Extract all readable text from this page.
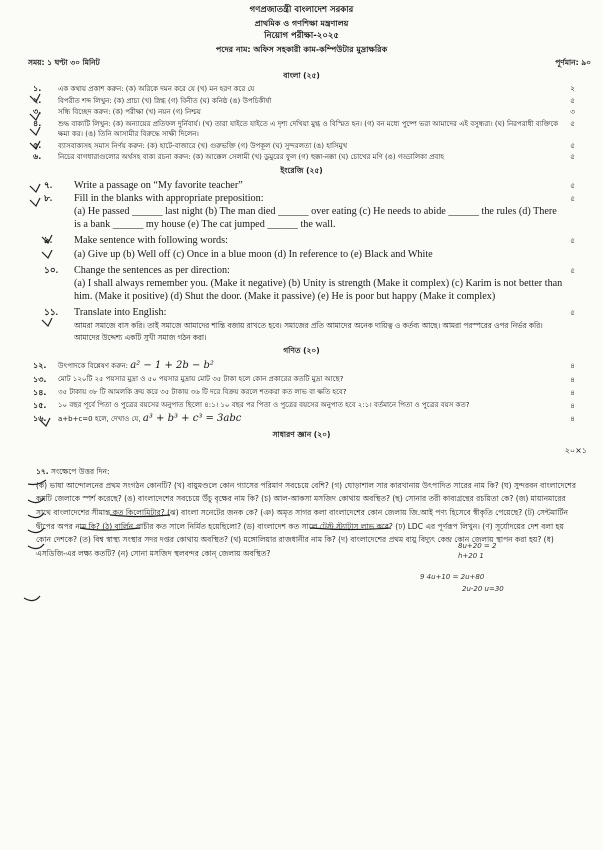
গণপ্রজাতন্ত্রী বাংলাদেশ সরকার
প্রাথমিক ও গণশিক্ষা মন্ত্রণালয়
নিয়োগ পরীক্ষা-২০২৫
পদের নাম: অফিস সহকারী কাম-কম্পিউটার মুদ্রাক্ষরিক
সময়: ১ ঘণ্টা ৩০ মিনিট	পূর্ণমান: ৯০
বাংলা (২৫)
১. এক কথায় প্রকাশ করুন: (ক) অরিকে দমন করে যে (খ) মন হরণ করে যে	২
২. বিপরীত শব্দ লিখুন: (ক) প্রাচ্য (খ) স্নিগ্ধ (গ) বিনীত (ঘ) কনিষ্ঠ (ঙ) উপচিকীর্ষা	৫
৩. সন্ধি বিচ্ছেদ করুন: (ক) পরীক্ষা (খ) নয়ন (গ) নিশ্চয়	৩
৪. শুদ্ধ বাক্যটি লিখুন: (ক) অন্যায়ের প্রতিফল দুর্নিবার্য। (খ) তারা যাইতে যাইতে এ দৃশ্য দেখিয়া মুগ্ধ ও বিস্মিত হন। (গ) বন মধ্যে পুষ্পে ভরা আমাদের এই বসুন্ধরা। (ঘ) নিরপরাধী ব্যক্তিকে ক্ষমা কর। (ঙ) তিনি আসামীর বিরুদ্ধে সাক্ষী দিলেন।
৫
৫. ব্যাসবাক্যসহ সমাস নির্ণয় করুন: (ক) হাটে-বাজারে (খ) গুরুভক্তি (গ) উপকূল (ঘ) সুন্দরলতা (ঙ) হাসিমুখ	৫
৬. নিচের বাগধারাগুলোর অর্থসহ বাক্য রচনা করুন: (ক) আক্কেল সেলামী (খ) ডুমুরের ফুল (গ) হুক্কা-নক্কা (ঘ) চোখের মণি (ঙ) গড্ডালিকা প্রবাহ	৫
ইংরেজি (২৫)
৭. Write a passage on “My favorite teacher”	৫
৮. Fill in the blanks with appropriate preposition:
(a) He passed ______ last night (b) The man died ______ over eating (c) He needs to abide ______ the rules (d) There is a bank ______ my house (e) The cat jumped ______ the wall.
৫
৯. Make sentence with following words:
(a) Give up (b) Well off (c) Once in a blue moon (d) In reference to (e) Black and White
৫
১০. Change the sentences as per direction:
(a) I shall always remember you. (Make it negative) (b) Unity is strength (Make it complex) (c) Karim is not better than him. (Make it positive) (d) Shut the door. (Make it passive) (e) He is poor but happy (Make it complex)
৫
১১. Translate into English:	৫
আমরা সমাজে বাস করি। তাই সমাজে আমাদের শান্তি বজায় রাখতে হবে। সমাজের প্রতি আমাদের অনেক দায়িত্ব ও কর্তব্য আছে। আমরা পরস্পরের ওপর নির্ভর করি। আমাদের উদ্দেশ্য একটি সুখী সমাজ গঠন করা।
গণিত (২০)
১২. উৎপাদকে বিশ্লেষণ করুন: a² − 1 + 2b − b²	৪
১৩. মোট ১২০টি ২৫ পয়সার মুদ্রা ও ৫০ পয়সার মুদ্রায় মোট ৩৫ টাকা হলে কোন প্রকারের কতটি মুদ্রা আছে?	৪
১৪. ৩৫ টাকায় ৩৮ টি আমলকি ক্রয় করে ৩৫ টাকায় ৩৬ টি দরে বিক্রয় করলে শতকরা কত লাভ বা ক্ষতি হবে?	৪
১৫. ১০ বছর পূর্বে পিতা ও পুত্রের বয়সের অনুপাত ছিলো ৪:১। ১০ বছর পর পিতা ও পুত্রের বয়সের অনুপাত হবে ২:১। বর্তমানে পিতা ও পুত্রের বয়স কত?	৪
১৬. a+b+c=0 হলে, দেখাও যে, a³ + b³ + c³ = 3abc	৪
সাধারণ জ্ঞান (২০)

২০×১
১৭. সংক্ষেপে উত্তর দিন:
(ক) ভাষা আন্দোলনের প্রথম সংগঠন কোনটি? (খ) বায়ুমণ্ডলে কোন গ্যাসের পরিমাণ সবচেয়ে বেশি? (গ) ঘোড়াশাল সার কারখানায় উৎপাদিত সারের নাম কি? (ঘ) সুন্দরবন বাংলাদেশের কয়টি জেলাকে স্পর্শ করেছে? (ঙ) বাংলাদেশের সবচেয়ে উঁচু বৃক্ষের নাম কি? (চ) আল-আকসা মসজিদ কোথায় অবস্থিত? (ছ) সোনার তরী কাব্যগ্রন্থের রচয়িতা কে? (জ) মায়ানমারের সাথে বাংলাদেশের সীমান্ত কত কিলোমিটার? (ঝ) বাংলা সনেটের জনক কে? (ঞ) অমৃত সাগর কলা বাংলাদেশের কোন জেলায় জি.আই পণ্য হিসেবে স্বীকৃতি পেয়েছে? (ট) সেন্টমার্টিন দ্বীপের অপর নাম কি? (ঠ) বার্লিন প্রাচীর কত সালে নির্মিত হয়েছিলো? (ড) বাংলাদেশ কত সালে টেস্ট স্ট্যাটাস লাভ করে? (ঢ) LDC এর পূর্ণরূপ লিখুন। (ণ) সূর্যোদয়ের দেশ বলা হয় কোন দেশকে? (ত) বিশ্ব স্বাস্থ্য সংস্থার সদর দপ্তর কোথায় অবস্থিত? (থ) মঙ্গোলিয়ার রাজধানীর নাম কি? (দ) বাংলাদেশের প্রথম বায়ু বিদ্যুৎ কেন্দ্র কোন জেলায় স্থাপন করা হয়? (ধ) এসডিজি-এর লক্ষ্য কতটি? (ন) সোনা মসজিদ স্থলবন্দর কোন্ জেলায় অবস্থিত?

8u+20 = 2
h+20 1
9 4u+10 = 2u+80
2u-20 u=30
